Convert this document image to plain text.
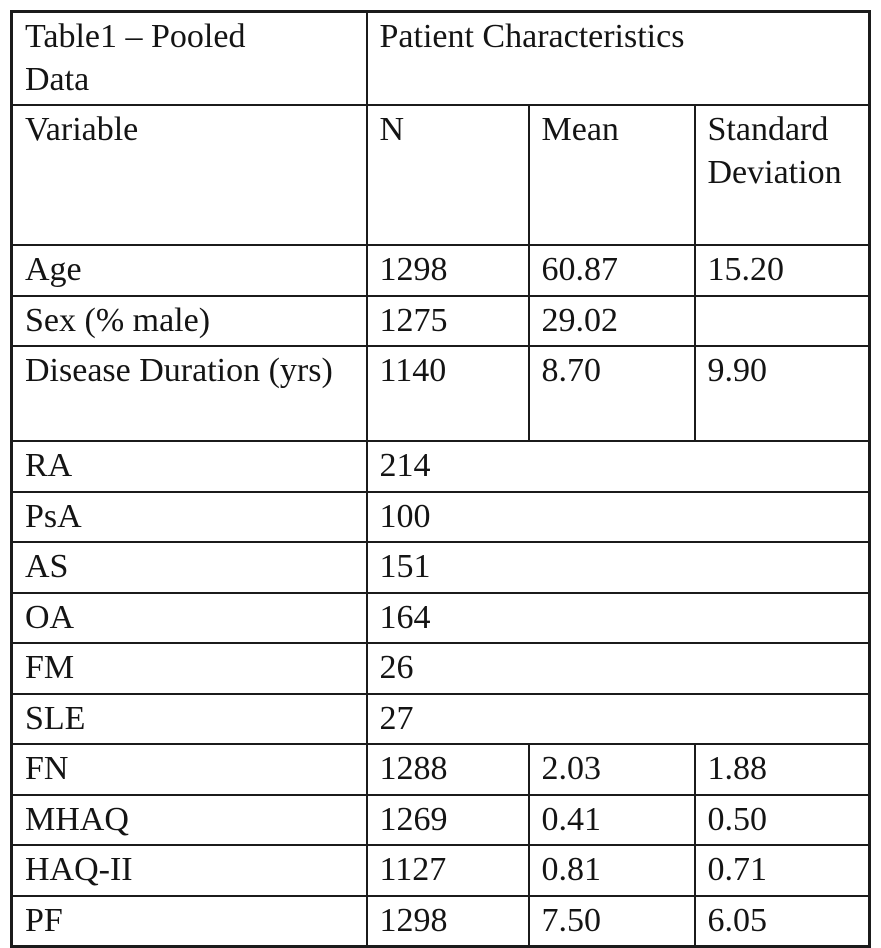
Table1 – Pooled Data	Patient Characteristics		
Variable	N	Mean	Standard Deviation

Age	1298	60.87	15.20
Sex (% male)	1275	29.02	
Disease Duration (yrs)	1140	8.70	9.90
RA	214		
PsA	100		
AS	151		
OA	164		
FM	26		
SLE	27		
FN	1288	2.03	1.88
MHAQ	1269	0.41	0.50
HAQ-II	1127	0.81	0.71
PF	1298	7.50	6.05
